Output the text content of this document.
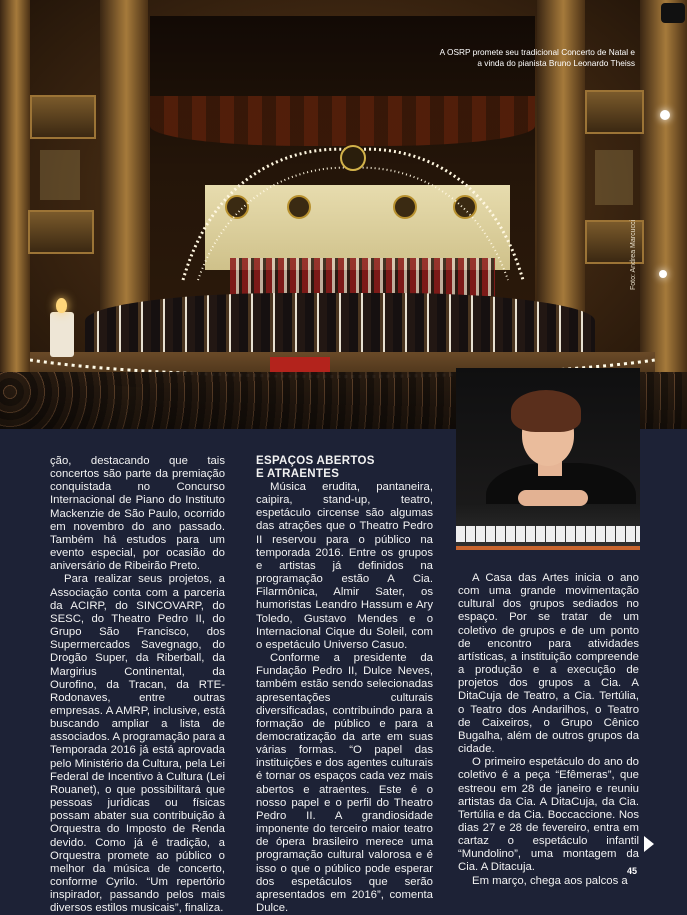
A OSRP promete seu tradicional Concerto de Natal e a vinda do pianista Bruno Leonardo Theiss
Foto: Andrea Marcucci

ção, destacando que tais concertos são parte da premiação conquistada no Concurso Internacional de Piano do Instituto Mackenzie de São Paulo, ocorrido em novembro do ano passado. Também há estudos para um evento especial, por ocasião do aniversário de Ribeirão Preto.

Para realizar seus projetos, a Associação conta com a parceria da ACIRP, do SINCOVARP, do SESC, do Theatro Pedro II, do Grupo São Francisco, dos Supermercados Savegnago, do Drogão Super, da Riberball, da Margirius Continental, da Ourofino, da Tracan, da RTE-Rodonaves, entre outras empresas. A AMRP, inclusive, está buscando ampliar a lista de associados. A programação para a Temporada 2016 já está aprovada pelo Ministério da Cultura, pela Lei Federal de Incentivo à Cultura (Lei Rouanet), o que possibilitará que pessoas jurídicas ou físicas possam abater sua contribuição à Orquestra do Imposto de Renda devido. Como já é tradição, a Orquestra promete ao público o melhor da música de concerto, conforme Cyrilo. “Um repertório inspirador, passando pelos mais diversos estilos musicais”, finaliza.

ESPAÇOS ABERTOS

E ATRAENTES

Música erudita, pantaneira, caipira, stand-up, teatro, espetáculo circense são algumas das atrações que o Theatro Pedro II reservou para o público na temporada 2016. Entre os grupos e artistas já definidos na programação estão A Cia. Filarmônica, Almir Sater, os humoristas Leandro Hassum e Ary Toledo, Gustavo Mendes e o Internacional Cique du Soleil, com o espetáculo Universo Casuo.

Conforme a presidente da Fundação Pedro II, Dulce Neves, também estão sendo selecionadas apresentações culturais diversificadas, contribuindo para a formação de público e para a democratização da arte em suas várias formas. “O papel das instituições e dos agentes culturais é tornar os espaços cada vez mais abertos e atraentes. Este é o nosso papel e o perfil do Theatro Pedro II. A grandiosidade imponente do terceiro maior teatro de ópera brasileiro merece uma programação cultural valorosa e é isso o que o público pode esperar dos espetáculos que serão apresentados em 2016”, comenta Dulce.

A Casa das Artes inicia o ano com uma grande movimentação cultural dos grupos sediados no espaço. Por se tratar de um coletivo de grupos e de um ponto de encontro para atividades artísticas, a instituição compreende a produção e a execução de projetos dos grupos a Cia. A DitaCuja de Teatro, a Cia. Tertúlia, o Teatro dos Andarilhos, o Teatro de Caixeiros, o Grupo Cênico Bugalha, além de outros grupos da cidade.

O primeiro espetáculo do ano do coletivo é a peça “Efêmeras”, que estreou em 28 de janeiro e reuniu artistas da Cia. A DitaCuja, da Cia. Tertúlia e da Cia. Boccaccione. Nos dias 27 e 28 de fevereiro, entra em cartaz o espetáculo infantil “Mundolino”, uma montagem da Cia. A Ditacuja.

Em março, chega aos palcos a

45
